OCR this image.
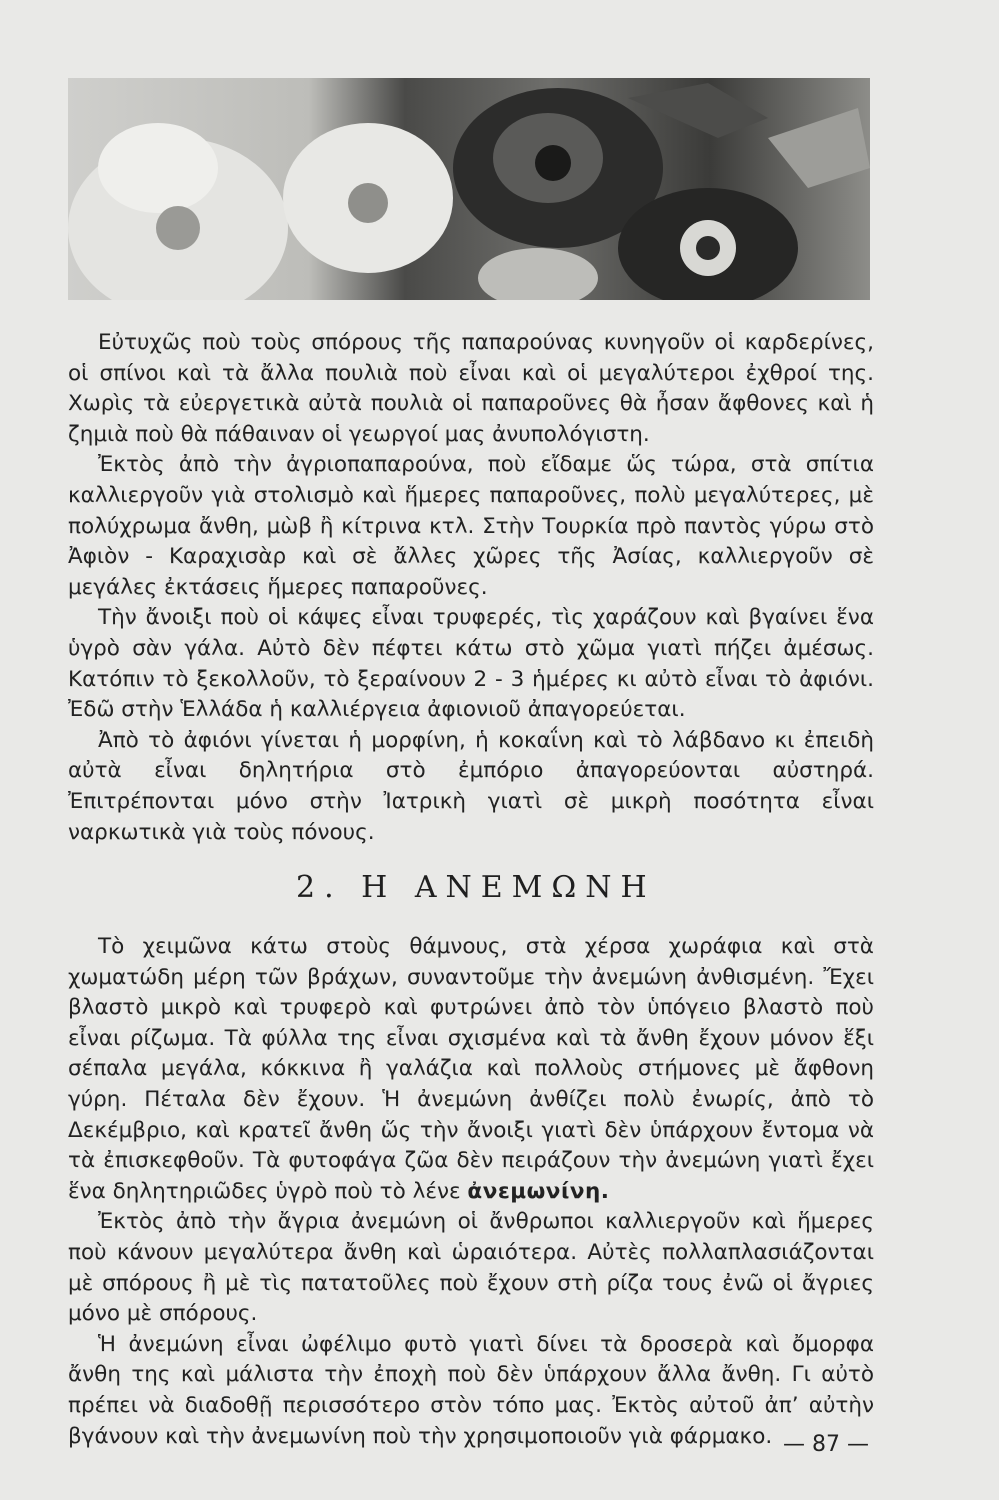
Εὐτυχῶς ποὺ τοὺς σπόρους τῆς παπαρούνας κυνηγοῦν οἱ καρδερίνες, οἱ σπίνοι καὶ τὰ ἄλλα πουλιὰ ποὺ εἶναι καὶ οἱ μεγαλύτεροι ἐχθροί της. Χωρὶς τὰ εὐεργετικὰ αὐτὰ πουλιὰ οἱ παπαροῦνες θὰ ἦσαν ἄφθονες καὶ ἡ ζημιὰ ποὺ θὰ πάθαιναν οἱ γεωργοί μας ἀνυπολόγιστη.

Ἐκτὸς ἀπὸ τὴν ἀγριοπαπαρούνα, ποὺ εἴδαμε ὥς τώρα, στὰ σπίτια καλλιεργοῦν γιὰ στολισμὸ καὶ ἥμερες παπαροῦνες, πολὺ μεγαλύτερες, μὲ πολύχρωμα ἄνθη, μὼβ ἢ κίτρινα κτλ. Στὴν Τουρκία πρὸ παντὸς γύρω στὸ Ἀφιὸν - Καραχισὰρ καὶ σὲ ἄλλες χῶρες τῆς Ἀσίας, καλλιεργοῦν σὲ μεγάλες ἐκτάσεις ἥμερες παπαροῦνες.

Τὴν ἄνοιξι ποὺ οἱ κάψες εἶναι τρυφερές, τὶς χαράζουν καὶ βγαίνει ἕνα ὑγρὸ σὰν γάλα. Αὐτὸ δὲν πέφτει κάτω στὸ χῶμα γιατὶ πήζει ἀμέσως. Κατόπιν τὸ ξεκολλοῦν, τὸ ξεραίνουν 2 - 3 ἡμέρες κι αὐτὸ εἶναι τὸ ἀφιόνι. Ἐδῶ στὴν Ἑλλάδα ἡ καλλιέργεια ἀφιονιοῦ ἀπαγορεύεται.

Ἀπὸ τὸ ἀφιόνι γίνεται ἡ μορφίνη, ἡ κοκαΐνη καὶ τὸ λάβδανο κι ἐπειδὴ αὐτὰ εἶναι δηλητήρια στὸ ἐμπόριο ἀπαγορεύονται αὐστηρά. Ἐπιτρέπονται μόνο στὴν Ἰατρικὴ γιατὶ σὲ μικρὴ ποσότητα εἶναι ναρκωτικὰ γιὰ τοὺς πόνους.

2. Η ΑΝΕΜΩΝΗ

Τὸ χειμῶνα κάτω στοὺς θάμνους, στὰ χέρσα χωράφια καὶ στὰ χωματώδη μέρη τῶν βράχων, συναντοῦμε τὴν ἀνεμώνη ἀνθισμένη. Ἔχει βλαστὸ μικρὸ καὶ τρυφερὸ καὶ φυτρώνει ἀπὸ τὸν ὑπόγειο βλαστὸ ποὺ εἶναι ρίζωμα. Τὰ φύλλα της εἶναι σχισμένα καὶ τὰ ἄνθη ἔχουν μόνον ἕξι σέπαλα μεγάλα, κόκκινα ἢ γαλάζια καὶ πολλοὺς στήμονες μὲ ἄφθονη γύρη. Πέταλα δὲν ἔχουν. Ἡ ἀνεμώνη ἀνθίζει πολὺ ἐνωρίς, ἀπὸ τὸ Δεκέμβριο, καὶ κρατεῖ ἄνθη ὥς τὴν ἄνοιξι γιατὶ δὲν ὑπάρχουν ἔντομα νὰ τὰ ἐπισκεφθοῦν. Τὰ φυτοφάγα ζῶα δὲν πειράζουν τὴν ἀνεμώνη γιατὶ ἔχει ἕνα δηλητηριῶδες ὑγρὸ ποὺ τὸ λένε ἀνεμωνίνη.

Ἐκτὸς ἀπὸ τὴν ἄγρια ἀνεμώνη οἱ ἄνθρωποι καλλιεργοῦν καὶ ἥμερες ποὺ κάνουν μεγαλύτερα ἄνθη καὶ ὡραιότερα. Αὐτὲς πολλαπλασιάζονται μὲ σπόρους ἢ μὲ τὶς πατατοῦλες ποὺ ἔχουν στὴ ρίζα τους ἐνῶ οἱ ἄγριες μόνο μὲ σπόρους.

Ἡ ἀνεμώνη εἶναι ὠφέλιμο φυτὸ γιατὶ δίνει τὰ δροσερὰ καὶ ὄμορφα ἄνθη της καὶ μάλιστα τὴν ἐποχὴ ποὺ δὲν ὑπάρχουν ἄλλα ἄνθη. Γι αὐτὸ πρέπει νὰ διαδοθῇ περισσότερο στὸν τόπο μας. Ἐκτὸς αὐτοῦ ἀπ’ αὐτὴν βγάνουν καὶ τὴν ἀνεμωνίνη ποὺ τὴν χρησιμοποιοῦν γιὰ φάρμακο. — 87 —
